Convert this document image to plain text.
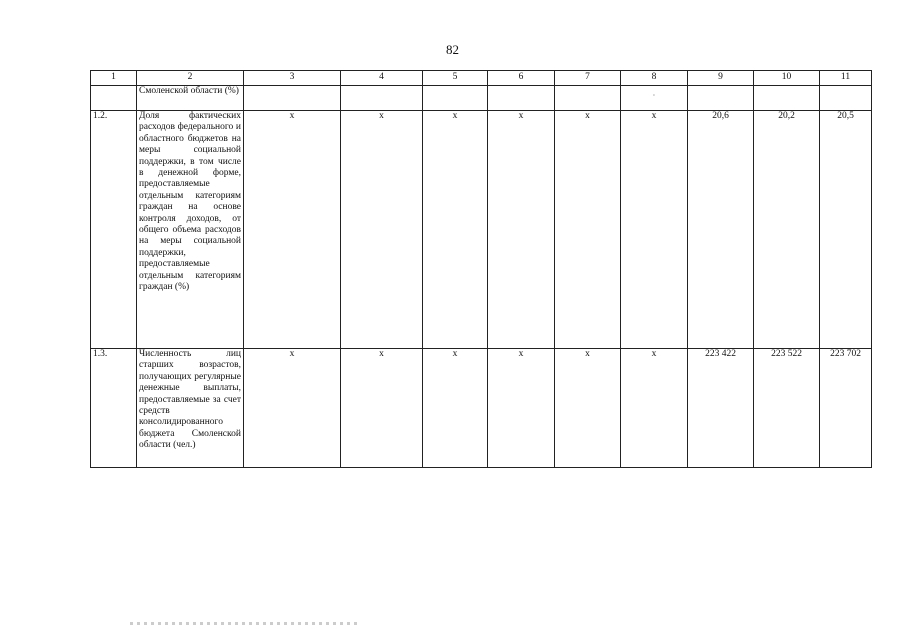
82
1	2	3	4	5	6	7	8	9	10	11
	Смоленской области (%)						·			

1.2.	Доля фактических расходов федерального и областного бюджетов на меры социальной поддержки, в том числе в денежной форме, предоставляемые отдельным категориям граждан на основе контроля доходов, от общего объема расходов на меры социальной поддержки, предоставляемые отдельным категориям граждан (%)	x	x	x	x	x	x	20,6	20,2	20,5
1.3.	Численность лиц старших возрастов, получающих регулярные денежные выплаты, предоставляемые за счет средств консолидированного бюджета Смоленской области (чел.)	x	x	x	x	x	x	223 422	223 522	223 702
